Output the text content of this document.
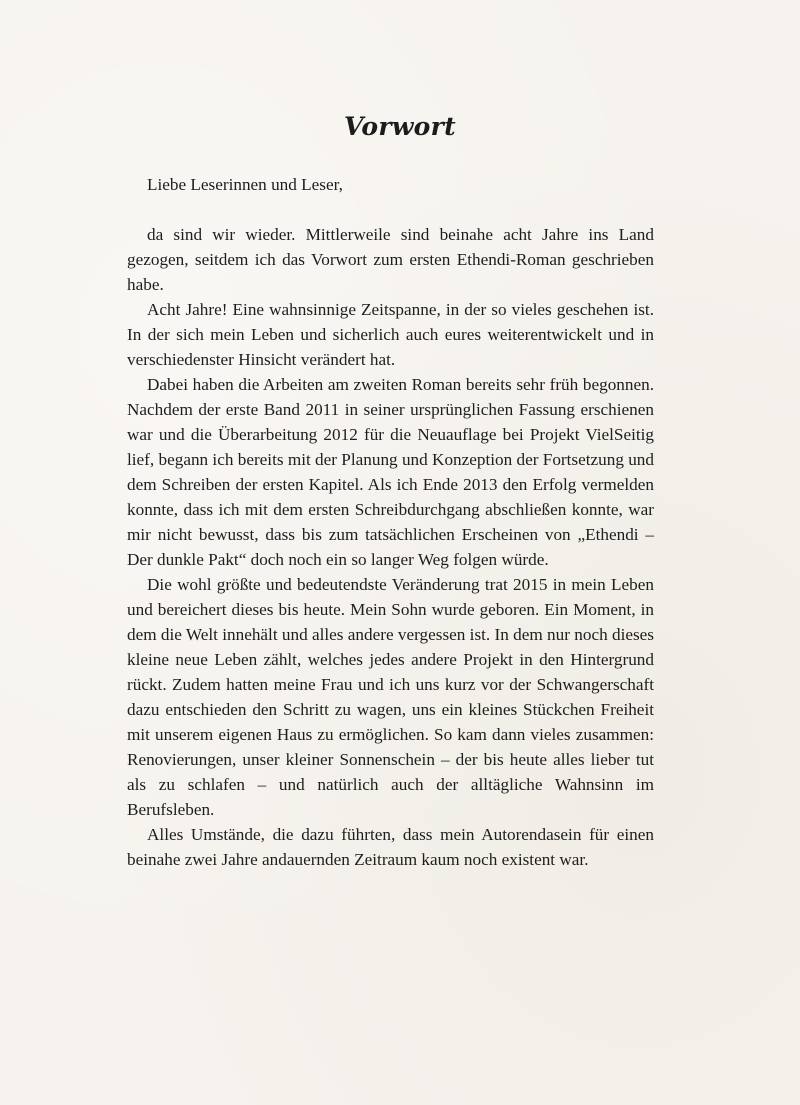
Vorwort

Liebe Leserinnen und Leser,

da sind wir wieder. Mittlerweile sind beinahe acht Jahre ins Land gezogen, seitdem ich das Vorwort zum ersten Ethendi-Roman geschrieben habe.

Acht Jahre! Eine wahnsinnige Zeitspanne, in der so vieles geschehen ist. In der sich mein Leben und sicherlich auch eures weiterentwickelt und in verschiedenster Hinsicht verändert hat.

Dabei haben die Arbeiten am zweiten Roman bereits sehr früh begonnen. Nachdem der erste Band 2011 in seiner ursprünglichen Fassung erschienen war und die Überarbeitung 2012 für die Neuauflage bei Projekt VielSeitig lief, begann ich bereits mit der Planung und Konzeption der Fortsetzung und dem Schreiben der ersten Kapitel. Als ich Ende 2013 den Erfolg vermelden konnte, dass ich mit dem ersten Schreibdurchgang abschließen konnte, war mir nicht bewusst, dass bis zum tatsächlichen Erscheinen von „Ethendi – Der dunkle Pakt“ doch noch ein so langer Weg folgen würde.

Die wohl größte und bedeutendste Veränderung trat 2015 in mein Leben und bereichert dieses bis heute. Mein Sohn wurde geboren. Ein Moment, in dem die Welt innehält und alles andere vergessen ist. In dem nur noch dieses kleine neue Leben zählt, welches jedes andere Projekt in den Hintergrund rückt. Zudem hatten meine Frau und ich uns kurz vor der Schwangerschaft dazu entschieden den Schritt zu wagen, uns ein kleines Stückchen Freiheit mit unserem eigenen Haus zu ermöglichen. So kam dann vieles zusammen: Renovierungen, unser kleiner Sonnenschein – der bis heute alles lieber tut als zu schlafen – und natürlich auch der alltägliche Wahnsinn im Berufsleben.

Alles Umstände, die dazu führten, dass mein Autorendasein für einen beinahe zwei Jahre andauernden Zeitraum kaum noch existent war.
